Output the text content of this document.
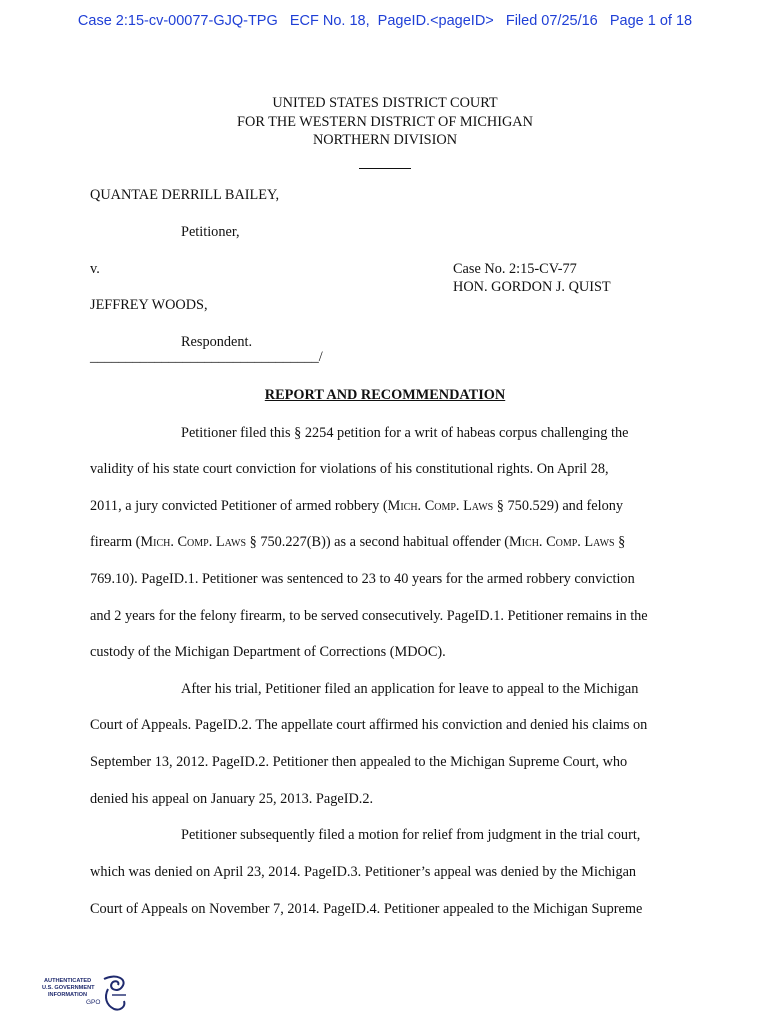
Case 2:15-cv-00077-GJQ-TPG   ECF No. 18,  PageID.<pageID>   Filed 07/25/16   Page 1 of 18
UNITED STATES DISTRICT COURT
FOR THE WESTERN DISTRICT OF MICHIGAN
NORTHERN DIVISION
QUANTAE DERRILL BAILEY,
Petitioner,
v.	Case No. 2:15-CV-77
HON. GORDON J. QUIST
JEFFREY WOODS,
Respondent.
________________________________/
REPORT AND RECOMMENDATION
Petitioner filed this § 2254 petition for a writ of habeas corpus challenging the
validity of his state court conviction for violations of his constitutional rights. On April 28,
2011, a jury convicted Petitioner of armed robbery (Mich. Comp. Laws § 750.529) and felony
firearm (Mich. Comp. Laws § 750.227(B)) as a second habitual offender (Mich. Comp. Laws §
769.10). PageID.1. Petitioner was sentenced to 23 to 40 years for the armed robbery conviction
and 2 years for the felony firearm, to be served consecutively. PageID.1. Petitioner remains in the
custody of the Michigan Department of Corrections (MDOC).
After his trial, Petitioner filed an application for leave to appeal to the Michigan
Court of Appeals. PageID.2. The appellate court affirmed his conviction and denied his claims on
September 13, 2012. PageID.2. Petitioner then appealed to the Michigan Supreme Court, who
denied his appeal on January 25, 2013. PageID.2.
Petitioner subsequently filed a motion for relief from judgment in the trial court,
which was denied on April 23, 2014. PageID.3. Petitioner’s appeal was denied by the Michigan
Court of Appeals on November 7, 2014. PageID.4. Petitioner appealed to the Michigan Supreme
AUTHENTICATED
U.S. GOVERNMENT
INFORMATION
GPO
